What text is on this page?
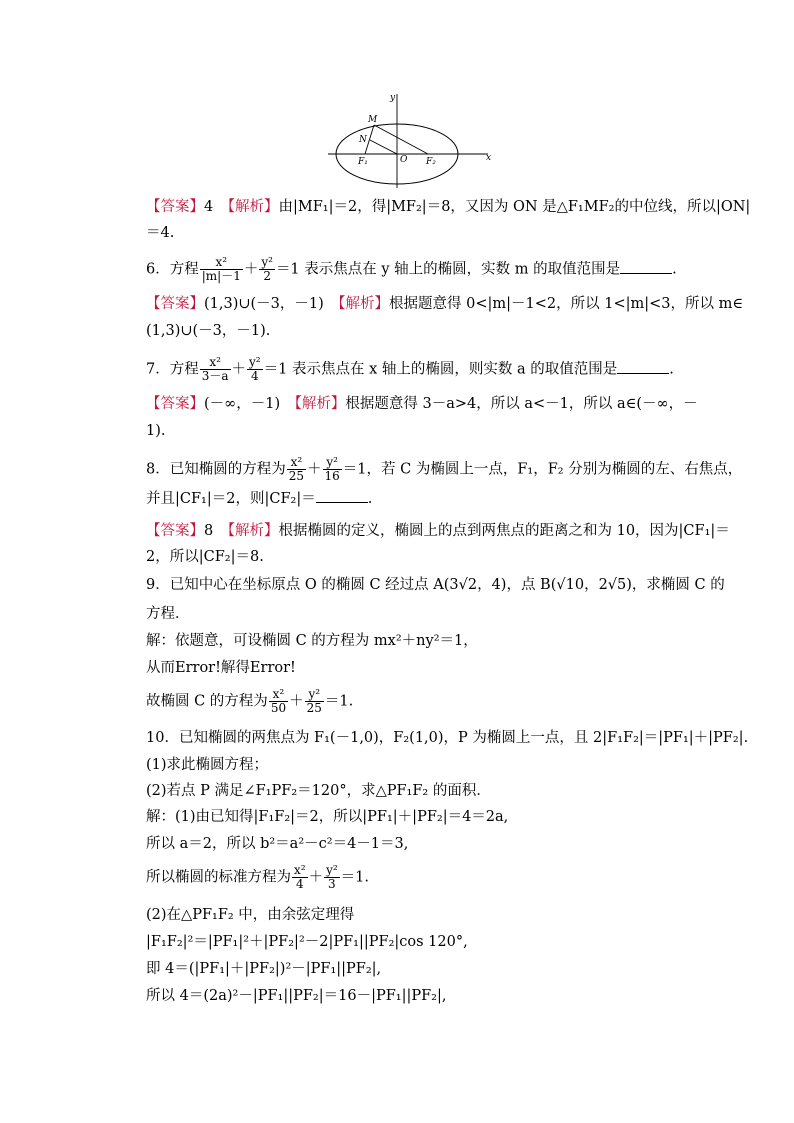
y
x
M
N
F₁	O F₂
【答案】4　【解析】由|MF₁|＝2，得|MF₂|＝8，又因为 ON 是△F₁MF₂的中位线，所以|ON|
＝4.
6．方程 $\frac{\text{x²}}{|m|-1} + \frac{\text{y²}}{2} =1$ 表示焦点在 y 轴上的椭圆，实数 m 的取值范围是	.
【答案】(1,3)∪(－3，－1)　【解析】根据题意得 0<|m|－1<2，所以 1<|m|<3，所以 m∈
(1,3)∪(－3，－1).
7．方程 $\frac{\text{x²}}{3-a} + \frac{\text{y²}}{4} =1$ 表示焦点在 x 轴上的椭圆，则实数 a 的取值范围是	.
【答案】(－∞，－1)　【解析】根据题意得 3－a>4，所以 a<－1，所以 a∈(－∞，－
1).
8．已知椭圆的方程为 $\frac{\text{x²}}{25} + \frac{\text{y²}}{16} =1$，若 C 为椭圆上一点，F₁，F₂ 分别为椭圆的左、右焦点，
并且|CF₁|＝2，则|CF₂|＝	.
【答案】8　【解析】根据椭圆的定义，椭圆上的点到两焦点的距离之和为 10，因为|CF₁|＝
2，所以|CF₂|＝8.
9．已知中心在坐标原点 O 的椭圆 C 经过点 A(3√2，4)，点 B(√10，2√5)，求椭圆 C 的
方程．
解：依题意，可设椭圆 C 的方程为 mx²＋ny²＝1，
从而Error!解得Error!
故椭圆 C 的方程为 $\frac{\text{x²}}{50} + \frac{\text{y²}}{25} =1$.
10．已知椭圆的两焦点为 F₁(－1,0)，F₂(1,0)，P 为椭圆上一点，且 2|F₁F₂|＝|PF₁|＋|PF₂|.
(1)求此椭圆方程；
(2)若点 P 满足∠F₁PF₂＝120°，求△PF₁F₂ 的面积．
解：(1)由已知得|F₁F₂|＝2，所以|PF₁|＋|PF₂|＝4＝2a,
所以 a＝2，所以 b²＝a²－c²＝4－1＝3,
所以椭圆的标准方程为 $\frac{\text{x²}}{4} + \frac{\text{y²}}{3} =1$.
(2)在△PF₁F₂ 中，由余弦定理得
|F₁F₂|²＝|PF₁|²＋|PF₂|²－2|PF₁||PF₂|cos 120°,
即 4＝(|PF₁|＋|PF₂|)²－|PF₁||PF₂|,
所以 4＝(2a)²－|PF₁||PF₂|＝16－|PF₁||PF₂|,
